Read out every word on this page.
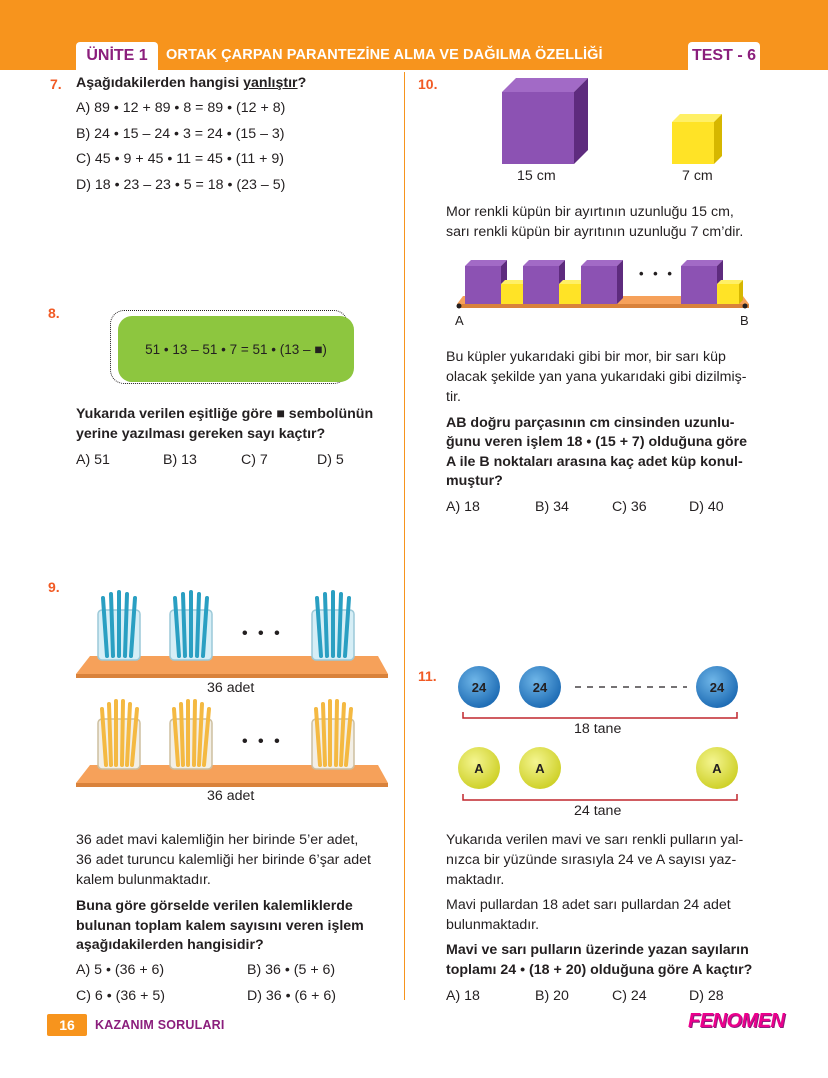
ÜNİTE 1	ORTAK ÇARPAN PARANTEZİNE ALMA VE DAĞILMA ÖZELLİĞİ	TEST - 6
7. Aşağıdakilerden hangisi yanlıştır?
A) 89 • 12 + 89 • 8 = 89 • (12 + 8)
B) 24 • 15 – 24 • 3 = 24 • (15 – 3)
C) 45 • 9 + 45 • 11 = 45 • (11 + 9)
D) 18 • 23 – 23 • 5 = 18 • (23 – 5)
8.
51 • 13 – 51 • 7 = 51 • (13 – ■)
Yukarıda verilen eşitliğe göre ■ sembolünün
yerine yazılması gereken sayı kaçtır?
A) 51	B) 13	C) 7	D) 5
9.
• • •
36 adet
• • •
36 adet
36 adet mavi kalemliğin her birinde 5’er adet,
36 adet turuncu kalemliği her birinde 6’şar adet
kalem bulunmaktadır.
Buna göre görselde verilen kalemliklerde
bulunan toplam kalem sayısını veren işlem
aşağıdakilerden hangisidir?
A) 5 • (36 + 6)	B) 36 • (5 + 6)
C) 6 • (36 + 5)	D) 36 • (6 + 6)
10.
15 cm	7 cm
Mor renkli küpün bir ayırtının uzunluğu 15 cm,
sarı renkli küpün bir ayrıtının uzunluğu 7 cm’dir.
• • •
A	B
Bu küpler yukarıdaki gibi bir mor, bir sarı küp
olacak şekilde yan yana yukarıdaki gibi dizilmiş-
tir.
AB doğru parçasının cm cinsinden uzunlu-
ğunu veren işlem 18 • (15 + 7) olduğuna göre
A ile B noktaları arasına kaç adet küp konul-
muştur?
A) 18	B) 34	C) 36	D) 40
11.
24	24	24
18 tane
A	A	A
24 tane
Yukarıda verilen mavi ve sarı renkli pulların yal-
nızca bir yüzünde sırasıyla 24 ve A sayısı yaz-
maktadır.
Mavi pullardan 18 adet sarı pullardan 24 adet
bulunmaktadır.
Mavi ve sarı pulların üzerinde yazan sayıların
toplamı 24 • (18 + 20) olduğuna göre A kaçtır?
A) 18	B) 20	C) 24	D) 28
16	KAZANIM SORULARI	FENOMEN
